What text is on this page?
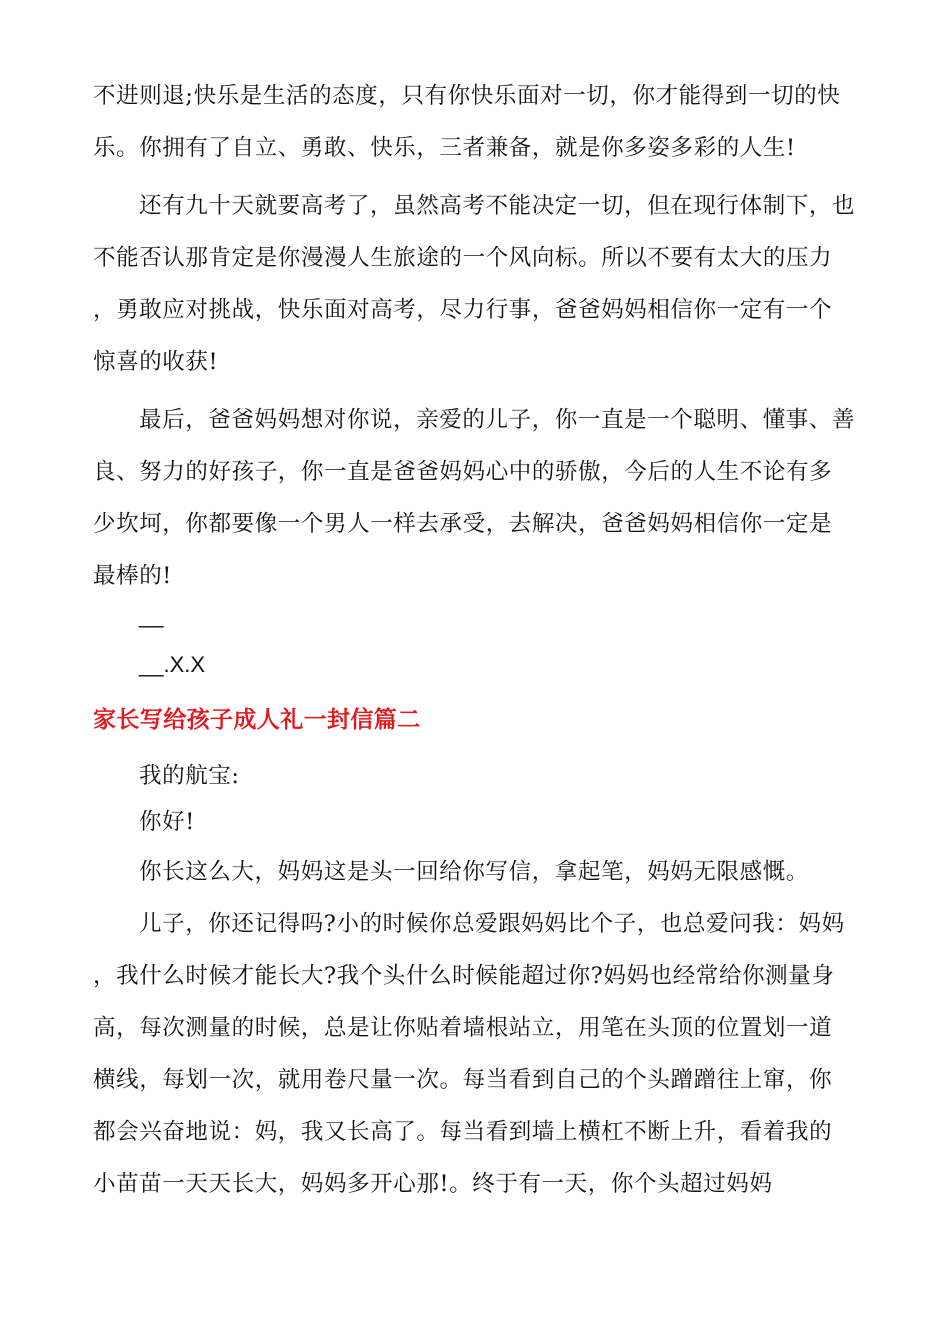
不进则退;快乐是生活的态度，只有你快乐面对一切，你才能得到一切的快
乐。你拥有了自立、勇敢、快乐，三者兼备，就是你多姿多彩的人生!
还有九十天就要高考了，虽然高考不能决定一切，但在现行体制下，也
不能否认那肯定是你漫漫人生旅途的一个风向标。所以不要有太大的压力
，勇敢应对挑战，快乐面对高考，尽力行事，爸爸妈妈相信你一定有一个
惊喜的收获!
最后，爸爸妈妈想对你说，亲爱的儿子，你一直是一个聪明、懂事、善
良、努力的好孩子，你一直是爸爸妈妈心中的骄傲，今后的人生不论有多
少坎坷，你都要像一个男人一样去承受，去解决，爸爸妈妈相信你一定是
最棒的!
__
__.X.X
家长写给孩子成人礼一封信篇二
我的航宝:
你好!
你长这么大，妈妈这是头一回给你写信，拿起笔，妈妈无限感慨。
儿子，你还记得吗?小的时候你总爱跟妈妈比个子，也总爱问我：妈妈
，我什么时候才能长大?我个头什么时候能超过你?妈妈也经常给你测量身
高，每次测量的时候，总是让你贴着墙根站立，用笔在头顶的位置划一道
横线，每划一次，就用卷尺量一次。每当看到自己的个头蹭蹭往上窜，你
都会兴奋地说：妈，我又长高了。每当看到墙上横杠不断上升，看着我的
小苗苗一天天长大，妈妈多开心那!。终于有一天，你个头超过妈妈
